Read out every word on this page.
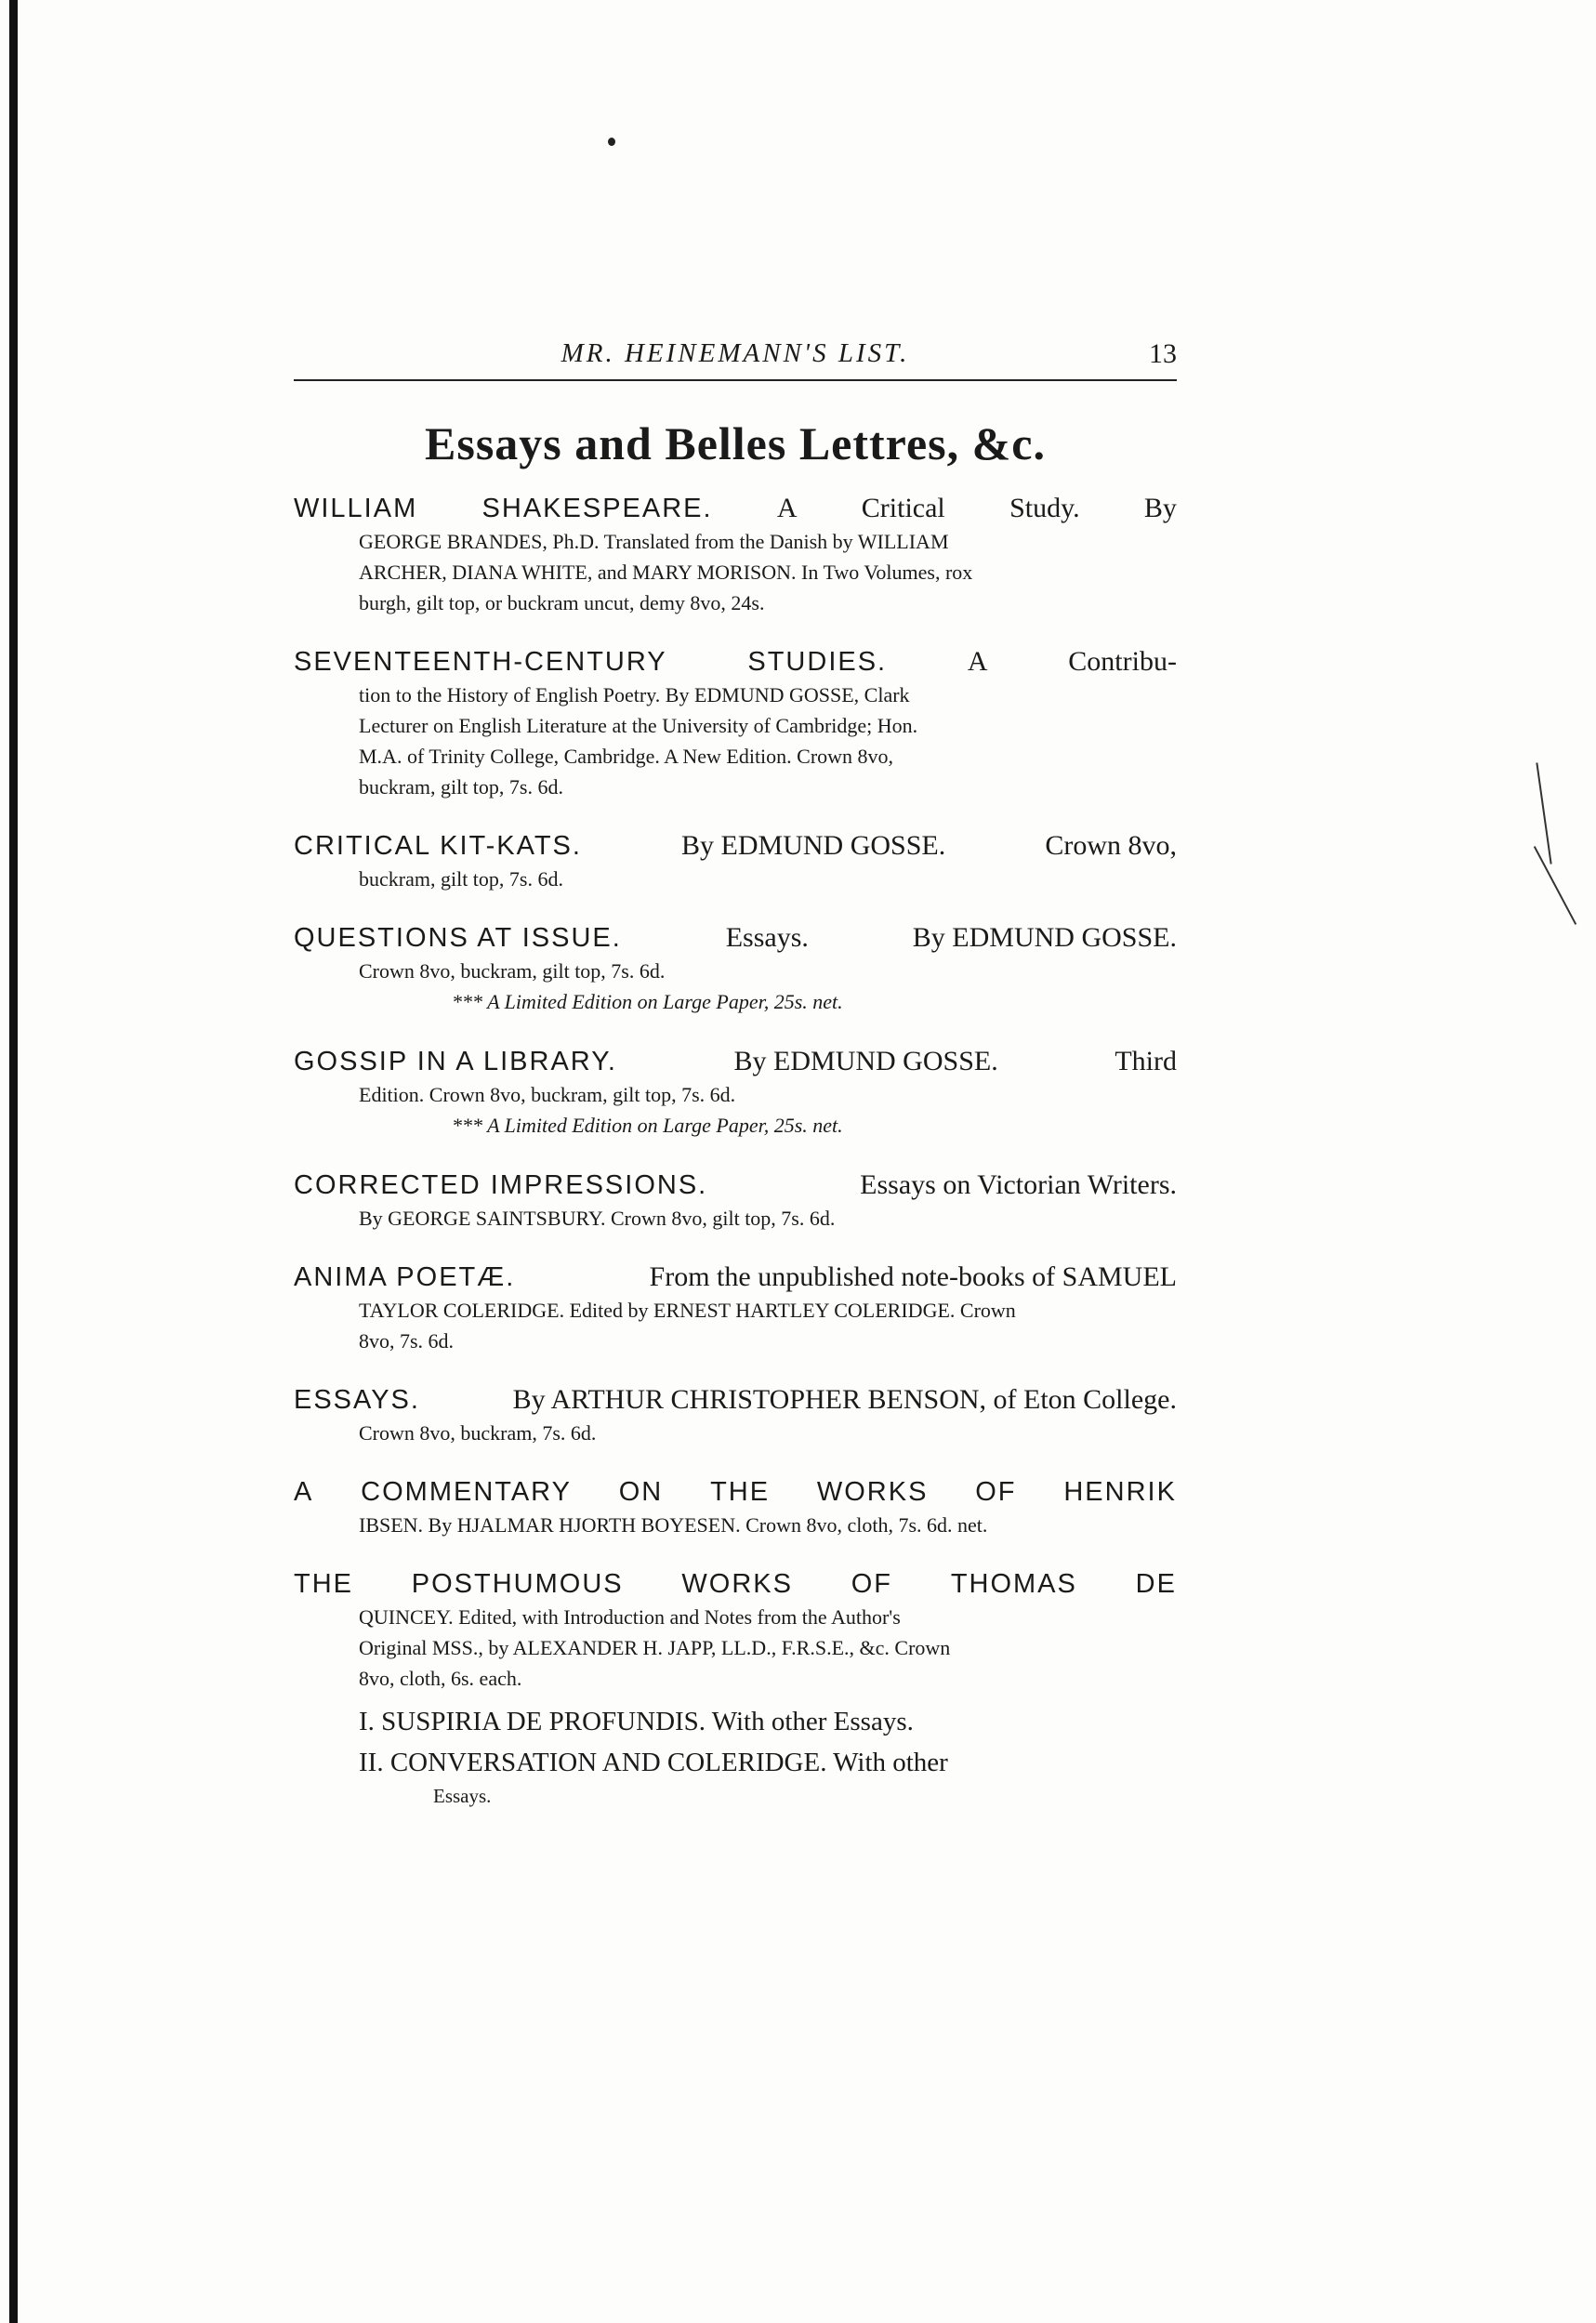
MR. HEINEMANN'S LIST.	13
Essays and Belles Lettres, &c.
WILLIAM SHAKESPEARE. A Critical Study. By
GEORGE BRANDES, Ph.D. Translated from the Danish by WILLIAM
ARCHER, DIANA WHITE, and MARY MORISON. In Two Volumes, rox
burgh, gilt top, or buckram uncut, demy 8vo, 24s.
SEVENTEENTH-CENTURY	STUDIES.	A	Contribu-
tion to the History of English Poetry. By EDMUND GOSSE, Clark
Lecturer on English Literature at the University of Cambridge; Hon.
M.A. of Trinity College, Cambridge. A New Edition. Crown 8vo,
buckram, gilt top, 7s. 6d.
CRITICAL KIT-KATS.	By EDMUND GOSSE.	Crown 8vo,
buckram, gilt top, 7s. 6d.
QUESTIONS AT ISSUE.	Essays.	By EDMUND GOSSE.
Crown 8vo, buckram, gilt top, 7s. 6d.
*** A Limited Edition on Large Paper, 25s. net.
GOSSIP IN A LIBRARY.	By EDMUND GOSSE.	Third
Edition. Crown 8vo, buckram, gilt top, 7s. 6d.
*** A Limited Edition on Large Paper, 25s. net.
CORRECTED IMPRESSIONS.	Essays on Victorian Writers.
By GEORGE SAINTSBURY. Crown 8vo, gilt top, 7s. 6d.
ANIMA POETÆ.	From the unpublished note-books of SAMUEL
TAYLOR COLERIDGE. Edited by ERNEST HARTLEY COLERIDGE. Crown
8vo, 7s. 6d.
ESSAYS.	By ARTHUR CHRISTOPHER BENSON, of Eton College.
Crown 8vo, buckram, 7s. 6d.
A COMMENTARY ON THE WORKS OF HENRIK
IBSEN. By HJALMAR HJORTH BOYESEN. Crown 8vo, cloth, 7s. 6d. net.
THE POSTHUMOUS WORKS OF THOMAS DE
QUINCEY. Edited, with Introduction and Notes from the Author's
Original MSS., by ALEXANDER H. JAPP, LL.D., F.R.S.E., &c. Crown
8vo, cloth, 6s. each.
I. SUSPIRIA DE PROFUNDIS. With other Essays.
II. CONVERSATION AND COLERIDGE. With other
Essays.
